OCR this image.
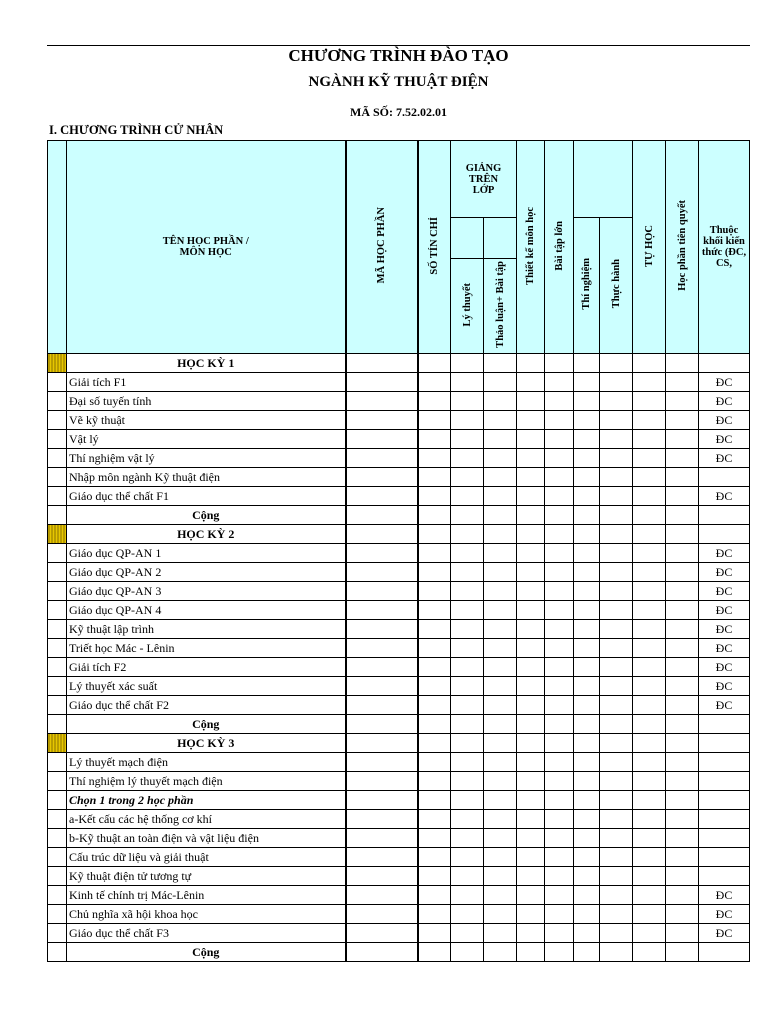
CHƯƠNG TRÌNH ĐÀO TẠO
NGÀNH KỸ THUẬT ĐIỆN
MÃ SỐ: 7.52.02.01
I. CHƯƠNG TRÌNH CỬ NHÂN
	TÊN HỌC PHẦN / MÔN HỌC	MÃ HỌC PHẦN	SỐ TÍN CHỈ	GIẢNG TRÊN LỚP		Thiết kế môn học	Bài tập lớn			TỰ HỌC	Học phần tiên quyết	Thuộc khối kiến thức (ĐC, CS,
								Thí nghiệm	Thực hành			
				Lý thuyết	Thảo luận+ Bài tập							
	HỌC KỲ 1											
	Giải tích F1											ĐC
	Đại số tuyến tính											ĐC
	Vẽ kỹ thuật											ĐC
	Vật lý											ĐC
	Thí nghiệm vật lý											ĐC
	Nhập môn ngành Kỹ thuật điện											
	Giáo dục thể chất F1											ĐC
	Cộng											
	HỌC KỲ 2											
	Giáo dục QP-AN 1											ĐC
	Giáo dục QP-AN 2											ĐC
	Giáo dục QP-AN 3											ĐC
	Giáo dục QP-AN 4											ĐC
	Kỹ thuật lập trình											ĐC
	Triết học Mác - Lênin											ĐC
	Giải tích F2											ĐC
	Lý thuyết xác suất											ĐC
	Giáo dục thể chất F2											ĐC
	Cộng											
	HỌC KỲ 3											
	Lý thuyết mạch điện											
	Thí nghiệm lý thuyết mạch điện											
	Chọn 1 trong 2 học phần											
	a-Kết cấu các hệ thống cơ khí											
	b-Kỹ thuật an toàn điện và vật liệu điện											
	Cấu trúc dữ liệu và giải thuật											
	Kỹ thuật điện tử tương tự											
	Kinh tế chính trị Mác-Lênin											ĐC
	Chủ nghĩa xã hội khoa học											ĐC
	Giáo dục thể chất F3											ĐC
	Cộng											
